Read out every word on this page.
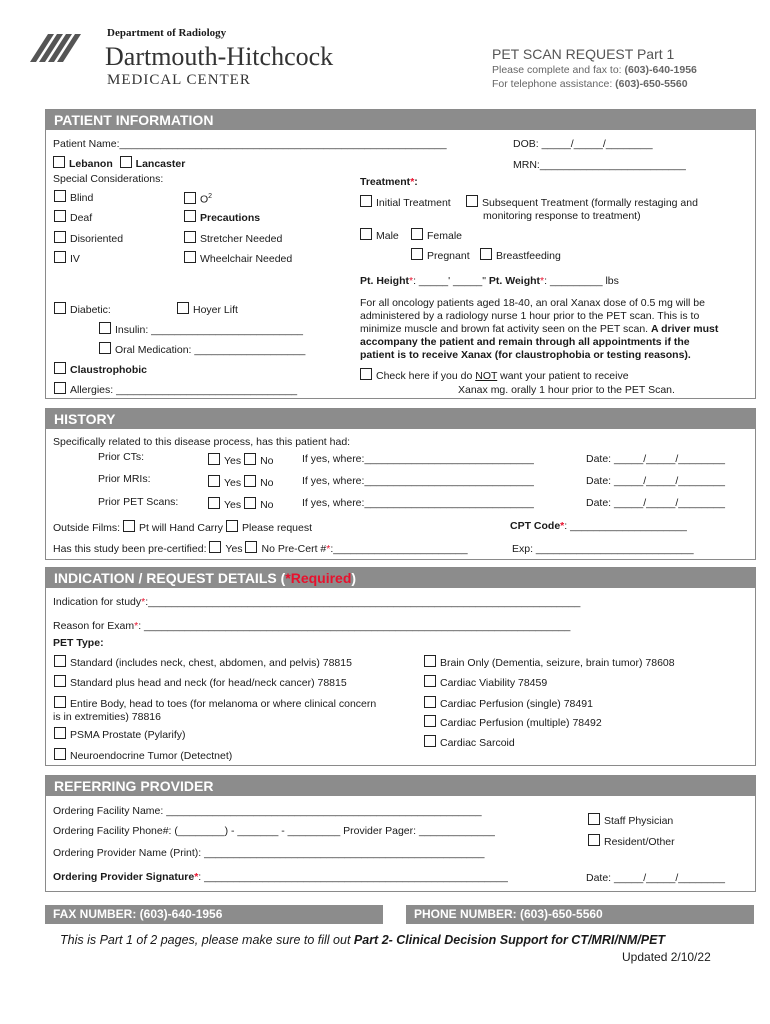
Department of Radiology
Dartmouth-Hitchcock
MEDICAL CENTER
PET SCAN REQUEST Part 1
Please complete and fax to: (603)-640-1956
For telephone assistance: (603)-650-5560
PATIENT INFORMATION
Patient Name:________________________________________________________	DOB: _____/_____/________
Lebanon Lancaster	MRN:_________________________
Special Considerations:	Treatment*:
Blind	$O^2$
Initial Treatment	Subsequent Treatment (formally restaging and
monitoring response to treatment)
Deaf	Precautions
Disoriented	Stretcher Needed	Male	Female
IV	Wheelchair Needed	Pregnant	Breastfeeding
Pt. Height*: _____' _____" Pt. Weight*: _________ lbs
Diabetic:	Hoyer Lift
Insulin: __________________________
Oral Medication: ___________________
Claustrophobic
Allergies: _______________________________
For all oncology patients aged 18-40, an oral Xanax dose of 0.5 mg will be
administered by a radiology nurse 1 hour prior to the PET scan. This is to
minimize muscle and brown fat activity seen on the PET scan. A driver must
accompany the patient and remain through all appointments if the
patient is to receive Xanax (for claustrophobia or testing reasons).
Check here if you do NOT want your patient to receive
Xanax mg. orally 1 hour prior to the PET Scan.
HISTORY
Specifically related to this disease process, has this patient had:
Prior CTs:	Yes No	If yes, where:_____________________________	Date: _____/_____/________
Prior MRIs:	Yes No	If yes, where:_____________________________	Date: _____/_____/________
Prior PET Scans:	Yes No	If yes, where:_____________________________	Date: _____/_____/________
Outside Films: Pt will Hand Carry Please request	CPT Code*: ____________________
Has this study been pre-certified: Yes No Pre-Cert #*:_______________________	Exp: ___________________________
INDICATION / REQUEST DETAILS (*Required)
Indication for study*:__________________________________________________________________________
Reason for Exam*: _________________________________________________________________________
PET Type:
Standard (includes neck, chest, abdomen, and pelvis) 78815
Standard plus head and neck (for head/neck cancer) 78815
Entire Body, head to toes (for melanoma or where clinical concern
is in extremities) 78816
PSMA Prostate (Pylarify)
Neuroendocrine Tumor (Detectnet)
Brain Only (Dementia, seizure, brain tumor) 78608
Cardiac Viability 78459
Cardiac Perfusion (single) 78491
Cardiac Perfusion (multiple) 78492
Cardiac Sarcoid
REFERRING PROVIDER
Ordering Facility Name: ______________________________________________________
Ordering Facility Phone#: (________) - _______ - _________ Provider Pager: _____________
Ordering Provider Name (Print): ________________________________________________
Ordering Provider Signature*: ____________________________________________________	Date: _____/_____/________
Staff Physician
Resident/Other
FAX NUMBER: (603)-640-1956	PHONE NUMBER: (603)-650-5560
This is Part 1 of 2 pages, please make sure to fill out Part 2- Clinical Decision Support for CT/MRI/NM/PET
Updated 2/10/22
